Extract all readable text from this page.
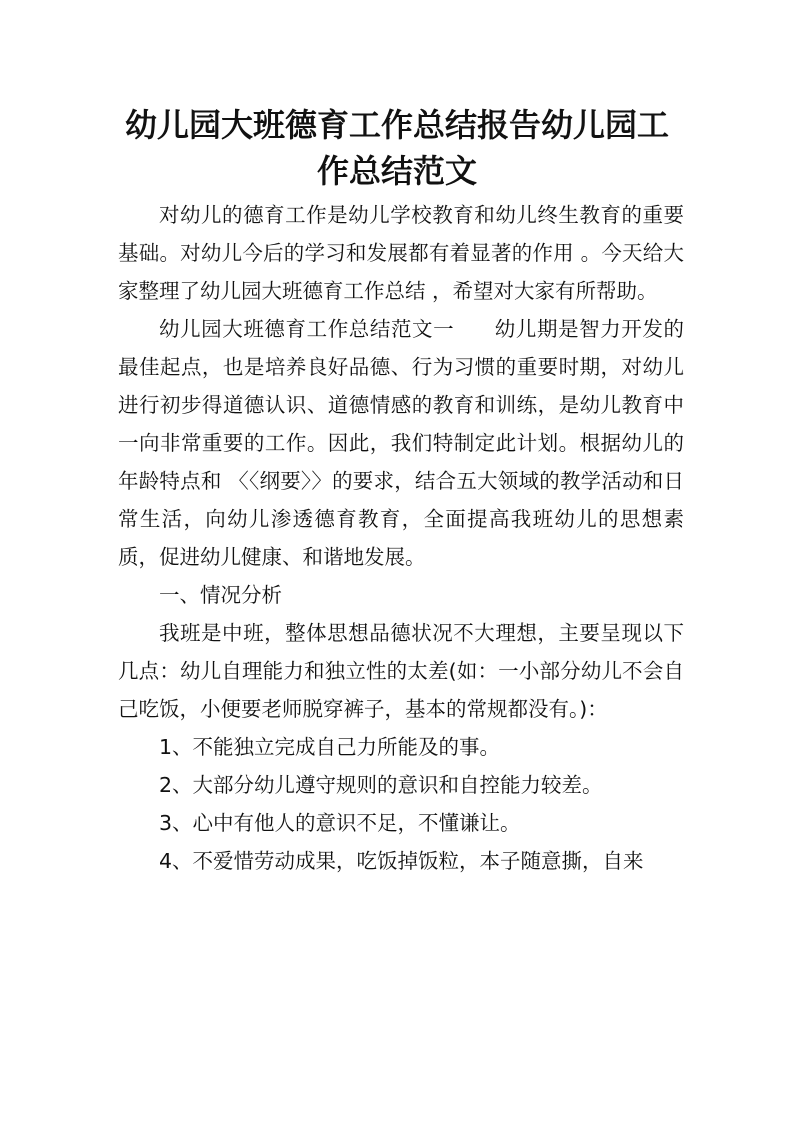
幼儿园大班德育工作总结报告幼儿园工
作总结范文

对幼儿的德育工作是幼儿学校教育和幼儿终生教育的重要基础。对幼儿今后的学习和发展都有着显著的作用 。今天给大家整理了幼儿园大班德育工作总结 ，希望对大家有所帮助。

幼儿园大班德育工作总结范文一 幼儿期是智力开发的最佳起点，也是培养良好品德、行为习惯的重要时期，对幼儿进行初步得道德认识、道德情感的教育和训练，是幼儿教育中一向非常重要的工作。因此，我们特制定此计划。根据幼儿的年龄特点和 〈〈纲要〉〉的要求，结合五大领域的教学活动和日常生活，向幼儿渗透德育教育，全面提高我班幼儿的思想素质，促进幼儿健康、和谐地发展。

一、情况分析

我班是中班，整体思想品德状况不大理想，主要呈现以下几点：幼儿自理能力和独立性的太差(如：一小部分幼儿不会自己吃饭，小便要老师脱穿裤子，基本的常规都没有。)：

1、不能独立完成自己力所能及的事。

2、大部分幼儿遵守规则的意识和自控能力较差。

3、心中有他人的意识不足，不懂谦让。

4、不爱惜劳动成果，吃饭掉饭粒，本子随意撕，自来
